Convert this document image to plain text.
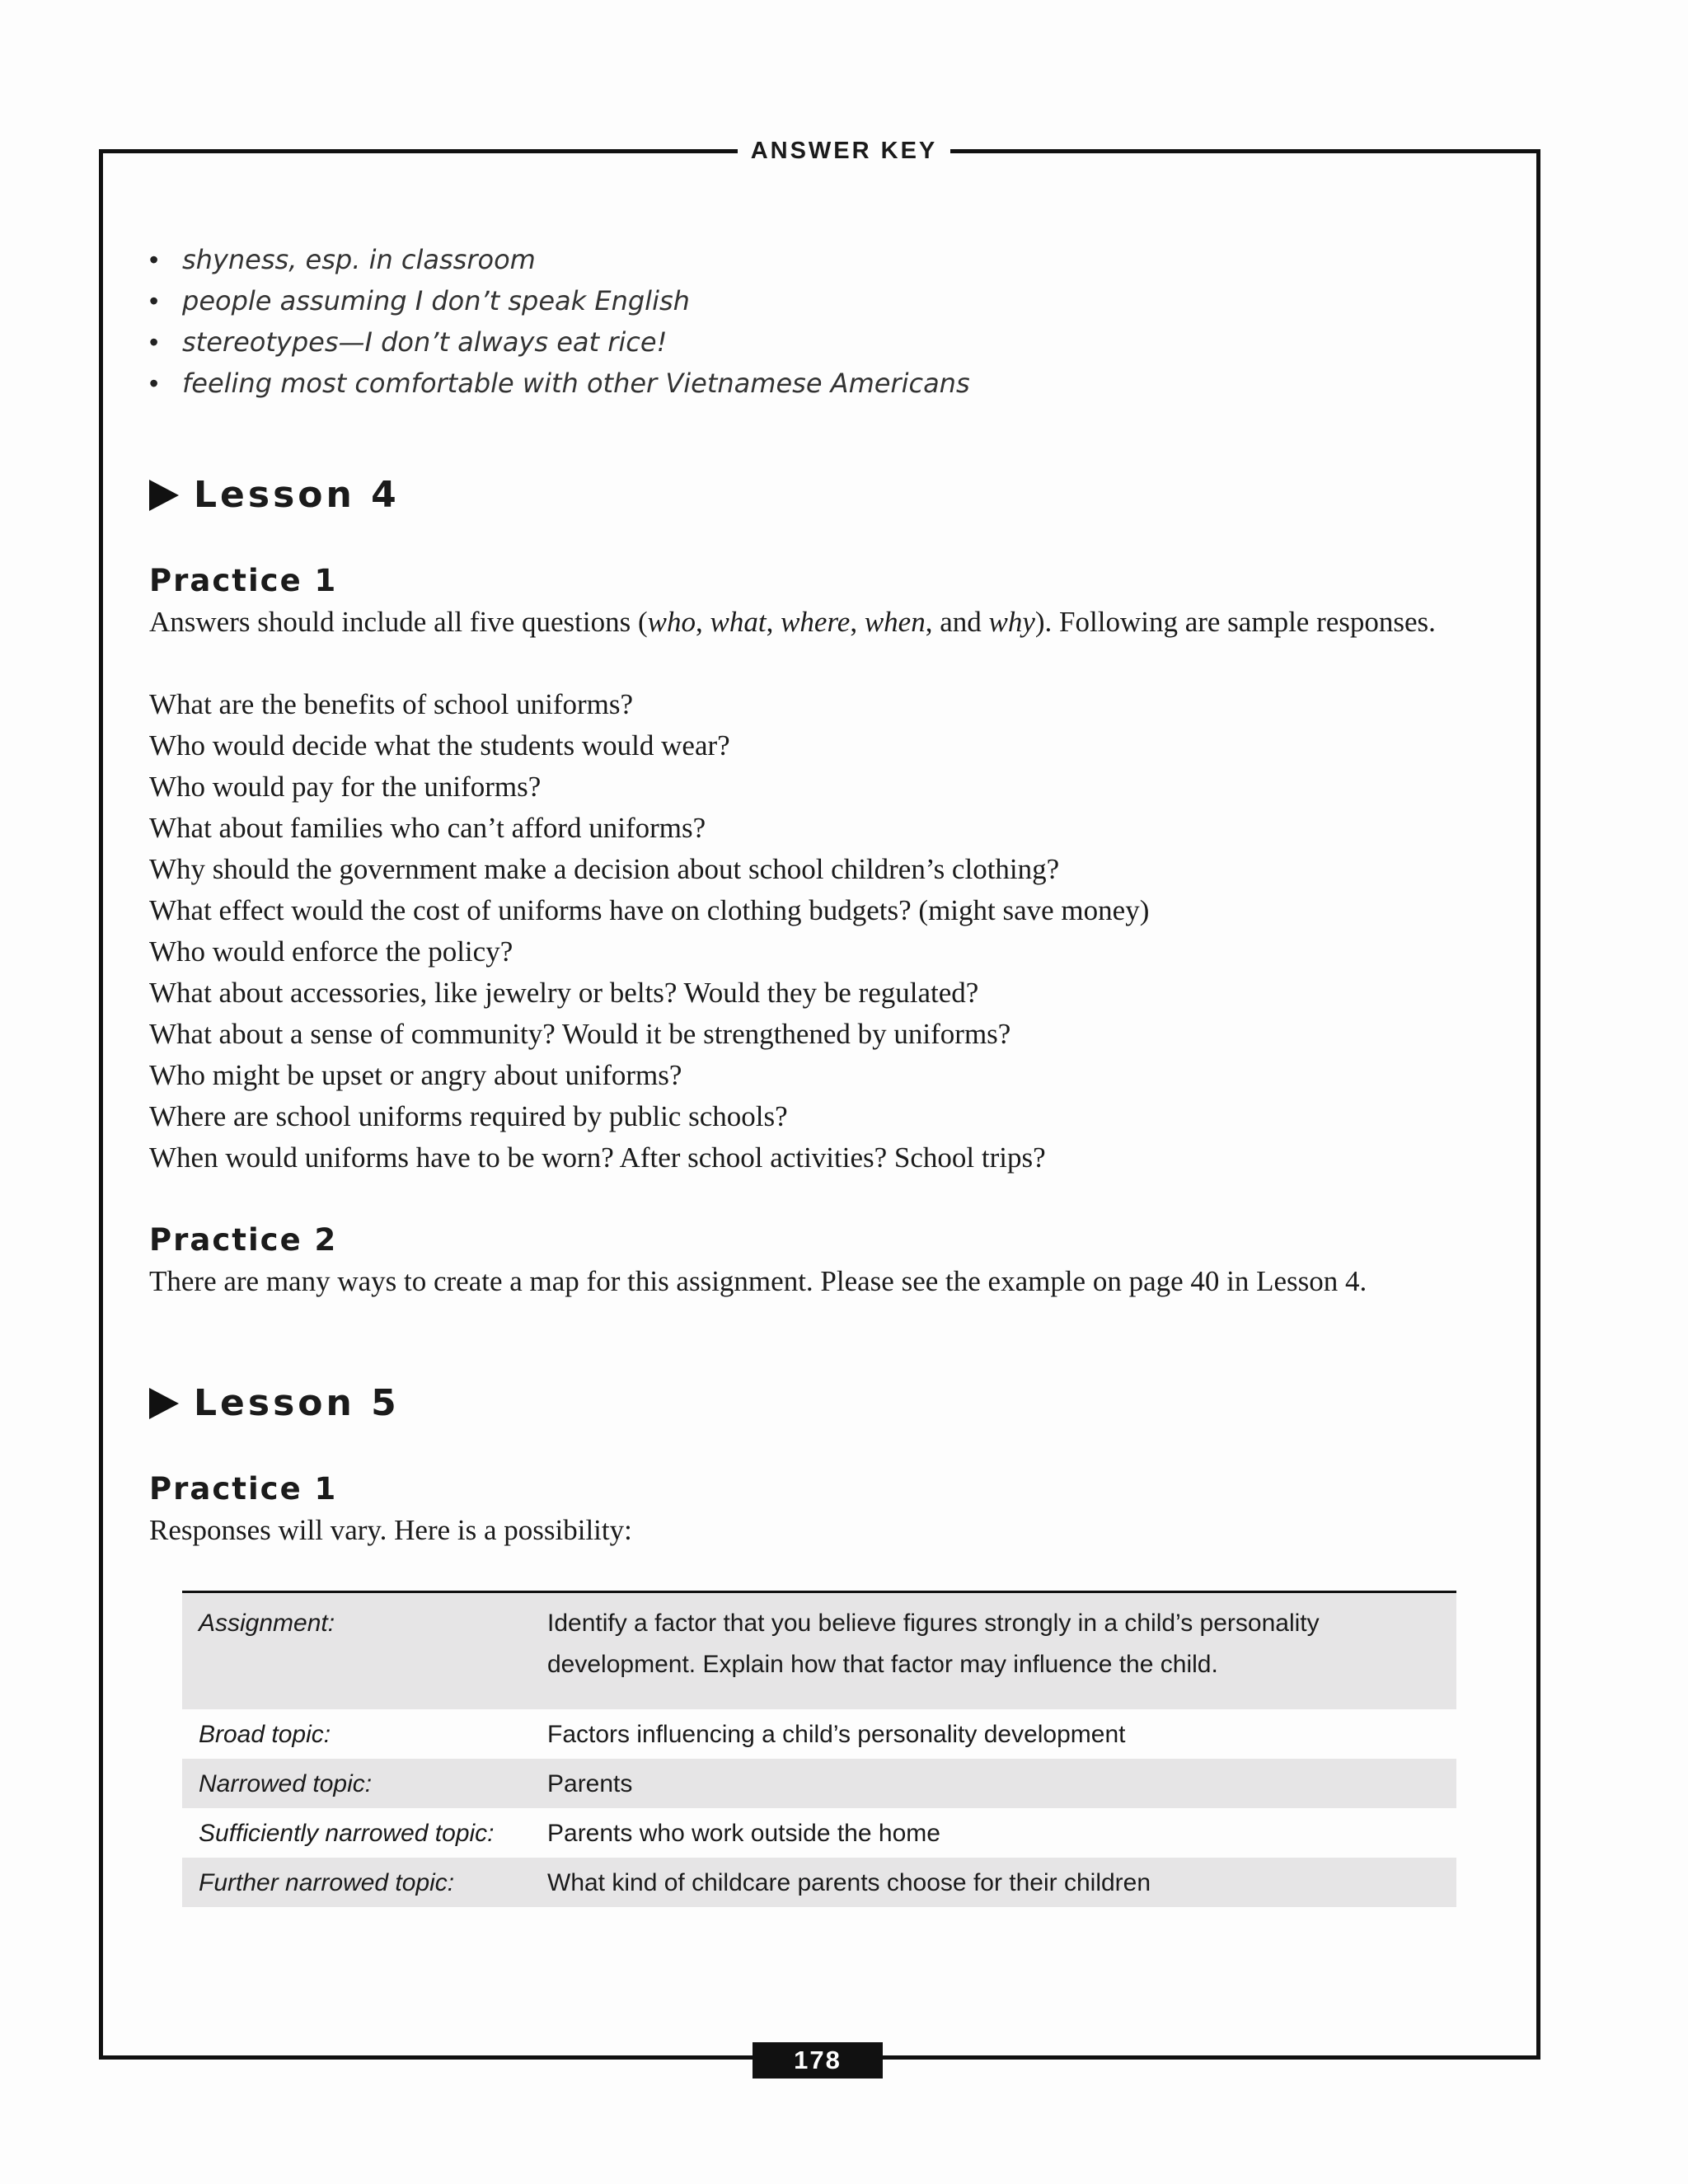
ANSWER KEY
• shyness, esp. in classroom
• people assuming I don’t speak English
• stereotypes—I don’t always eat rice!
• feeling most comfortable with other Vietnamese Americans
Lesson 4
Practice 1
Answers should include all five questions (who, what, where, when, and why). Following are sample responses.
What are the benefits of school uniforms?
Who would decide what the students would wear?
Who would pay for the uniforms?
What about families who can’t afford uniforms?
Why should the government make a decision about school children’s clothing?
What effect would the cost of uniforms have on clothing budgets? (might save money)
Who would enforce the policy?
What about accessories, like jewelry or belts? Would they be regulated?
What about a sense of community? Would it be strengthened by uniforms?
Who might be upset or angry about uniforms?
Where are school uniforms required by public schools?
When would uniforms have to be worn? After school activities? School trips?
Practice 2
There are many ways to create a map for this assignment. Please see the example on page 40 in Lesson 4.
Lesson 5
Practice 1
Responses will vary. Here is a possibility:
Assignment:	Identify a factor that you believe figures strongly in a child’s personality development. Explain how that factor may influence the child.
Broad topic:	Factors influencing a child’s personality development
Narrowed topic:	Parents
Sufficiently narrowed topic:	Parents who work outside the home
Further narrowed topic:	What kind of childcare parents choose for their children
178
